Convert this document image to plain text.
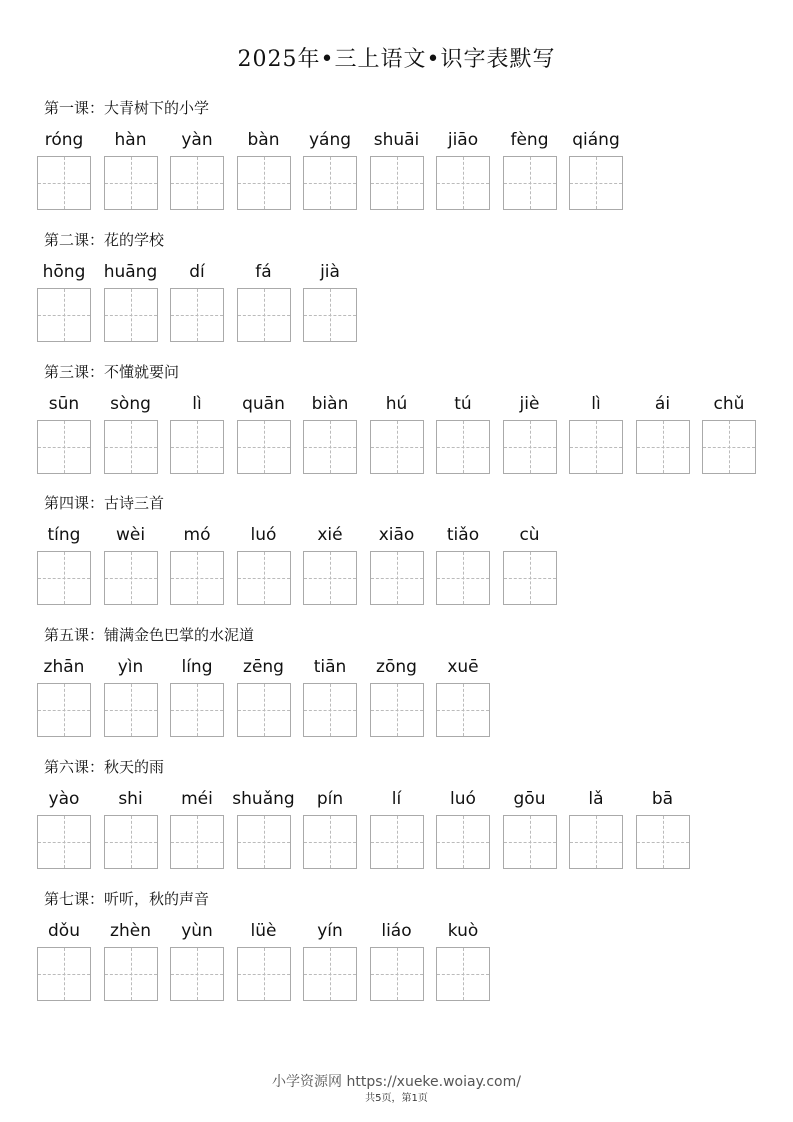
2025年•三上语文•识字表默写
第一课：大青树下的小学
róng	hàn	yàn	bàn	yáng	shuāi	jiāo	fèng	qiáng
第二课：花的学校
hōng	huāng	dí	fá	jià
第三课：不懂就要问
sūn	sòng	lì	quān	biàn	hú	tú	jiè	lì	ái	chǔ
第四课：古诗三首
tíng	wèi	mó	luó	xié	xiāo	tiǎo	cù
第五课：铺满金色巴掌的水泥道
zhān	yìn	líng	zēng	tiān	zōng	xuē
第六课：秋天的雨
yào	shi	méi	shuǎng	pín	lí	luó	gōu	lǎ	bā
第七课：听听，秋的声音
dǒu	zhèn	yùn	lüè	yín	liáo	kuò
小学资源网 https://xueke.woiay.com/
共5页，第1页
